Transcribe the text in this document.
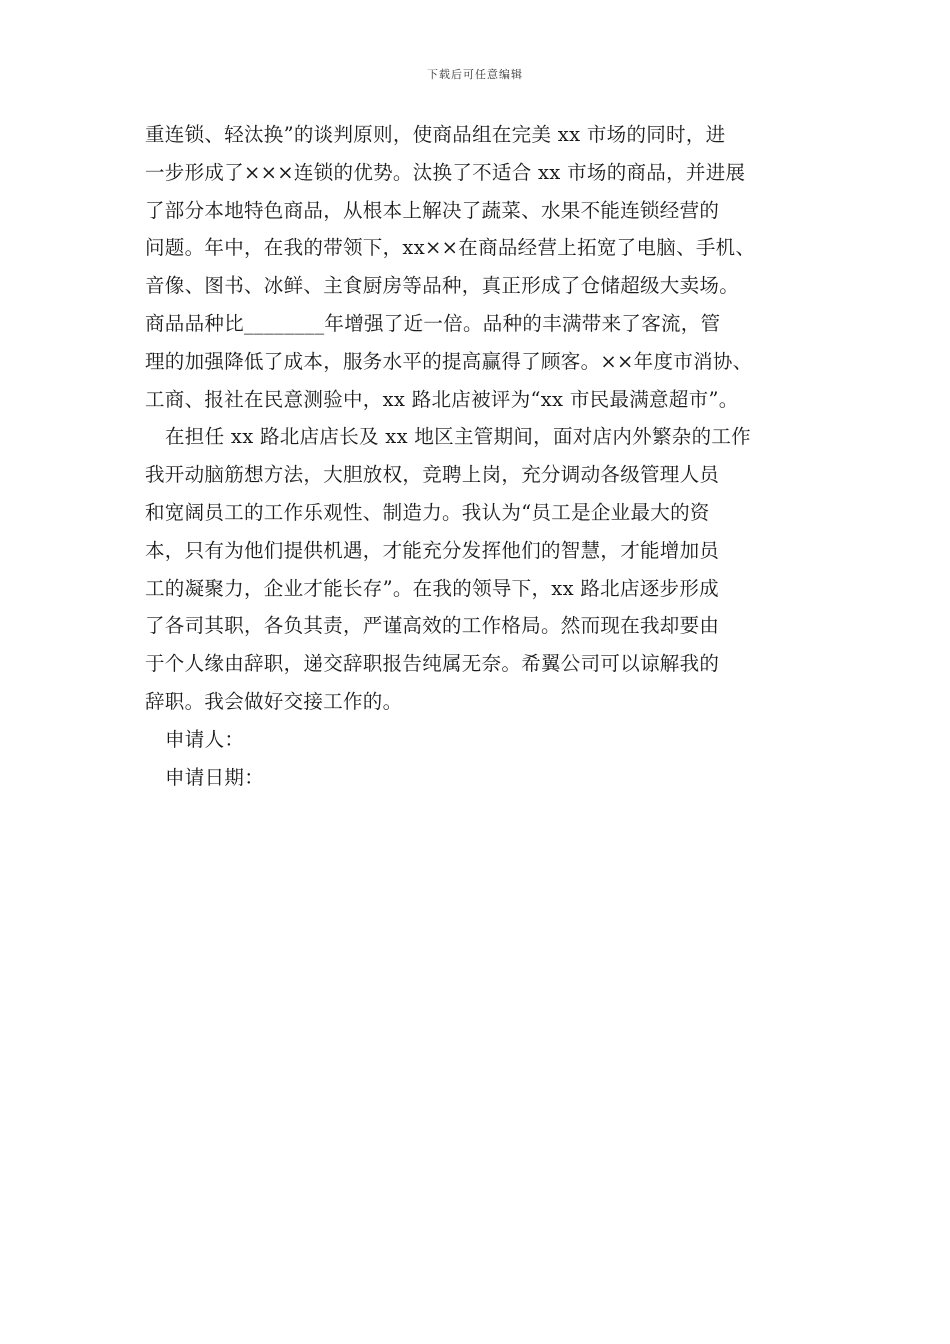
下载后可任意编辑
重连锁、轻汰换”的谈判原则，使商品组在完美 xx 市场的同时，进
一步形成了×××连锁的优势。汰换了不适合 xx 市场的商品，并进展
了部分本地特色商品，从根本上解决了蔬菜、水果不能连锁经营的
问题。年中，在我的带领下，xx××在商品经营上拓宽了电脑、手机、
音像、图书、冰鲜、主食厨房等品种，真正形成了仓储超级大卖场。
商品品种比________年增强了近一倍。品种的丰满带来了客流，管
理的加强降低了成本，服务水平的提高赢得了顾客。××年度市消协、
工商、报社在民意测验中，xx 路北店被评为“xx 市民最满意超市”。
在担任 xx 路北店店长及 xx 地区主管期间，面对店内外繁杂的工作
我开动脑筋想方法，大胆放权，竞聘上岗，充分调动各级管理人员
和宽阔员工的工作乐观性、制造力。我认为“员工是企业最大的资
本，只有为他们提供机遇，才能充分发挥他们的智慧，才能增加员
工的凝聚力，企业才能长存”。在我的领导下，xx 路北店逐步形成
了各司其职，各负其责，严谨高效的工作格局。然而现在我却要由
于个人缘由辞职，递交辞职报告纯属无奈。希翼公司可以谅解我的
辞职。我会做好交接工作的。
申请人：
申请日期：
